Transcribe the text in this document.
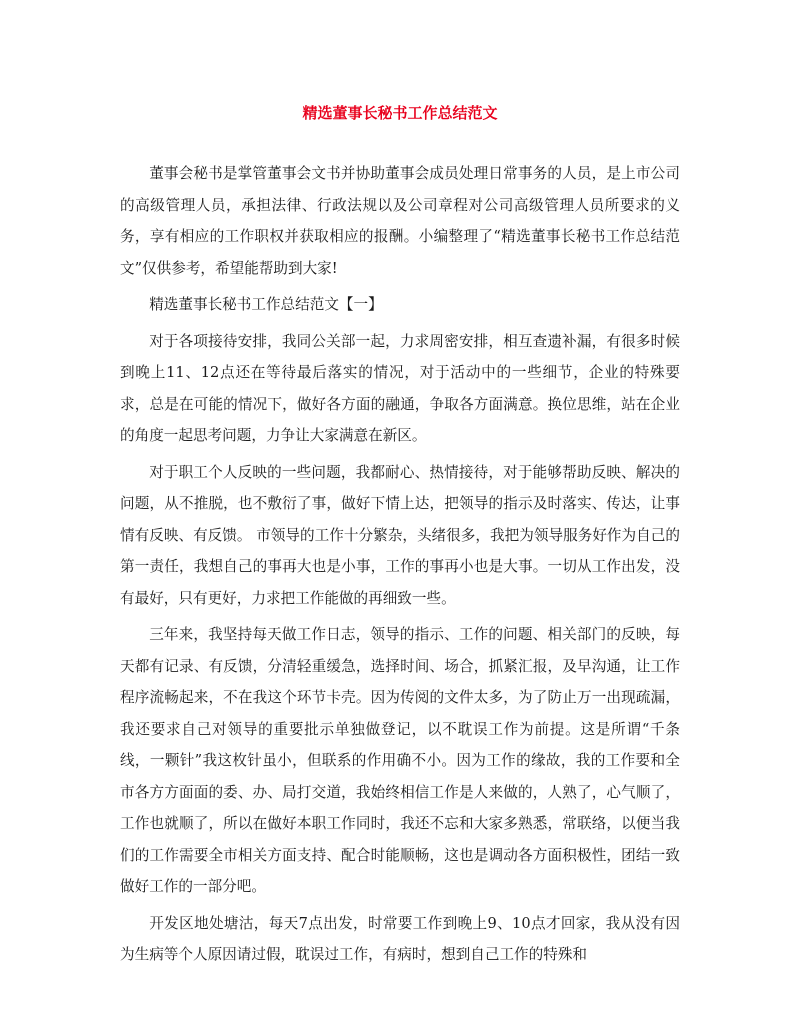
精选董事长秘书工作总结范文

董事会秘书是掌管董事会文书并协助董事会成员处理日常事务的人员，是上市公司的高级管理人员，承担法律、行政法规以及公司章程对公司高级管理人员所要求的义务，享有相应的工作职权并获取相应的报酬。小编整理了“精选董事长秘书工作总结范文”仅供参考，希望能帮助到大家!

精选董事长秘书工作总结范文【一】

对于各项接待安排，我同公关部一起，力求周密安排，相互查遗补漏，有很多时候到晚上11、12点还在等待最后落实的情况，对于活动中的一些细节，企业的特殊要求，总是在可能的情况下，做好各方面的融通，争取各方面满意。换位思维，站在企业的角度一起思考问题，力争让大家满意在新区。

对于职工个人反映的一些问题，我都耐心、热情接待，对于能够帮助反映、解决的问题，从不推脱，也不敷衍了事，做好下情上达，把领导的指示及时落实、传达，让事情有反映、有反馈。 市领导的工作十分繁杂，头绪很多，我把为领导服务好作为自己的第一责任，我想自己的事再大也是小事，工作的事再小也是大事。一切从工作出发，没有最好，只有更好，力求把工作能做的再细致一些。

三年来，我坚持每天做工作日志，领导的指示、工作的问题、相关部门的反映，每天都有记录、有反馈，分清轻重缓急，选择时间、场合，抓紧汇报，及早沟通，让工作程序流畅起来，不在我这个环节卡壳。因为传阅的文件太多，为了防止万一出现疏漏，我还要求自己对领导的重要批示单独做登记，以不耽误工作为前提。这是所谓“千条线，一颗针”我这枚针虽小，但联系的作用确不小。因为工作的缘故，我的工作要和全市各方方面面的委、办、局打交道，我始终相信工作是人来做的，人熟了，心气顺了，工作也就顺了，所以在做好本职工作同时，我还不忘和大家多熟悉，常联络，以便当我们的工作需要全市相关方面支持、配合时能顺畅，这也是调动各方面积极性，团结一致做好工作的一部分吧。

开发区地处塘沽，每天7点出发，时常要工作到晚上9、10点才回家，我从没有因为生病等个人原因请过假，耽误过工作，有病时，想到自己工作的特殊和
